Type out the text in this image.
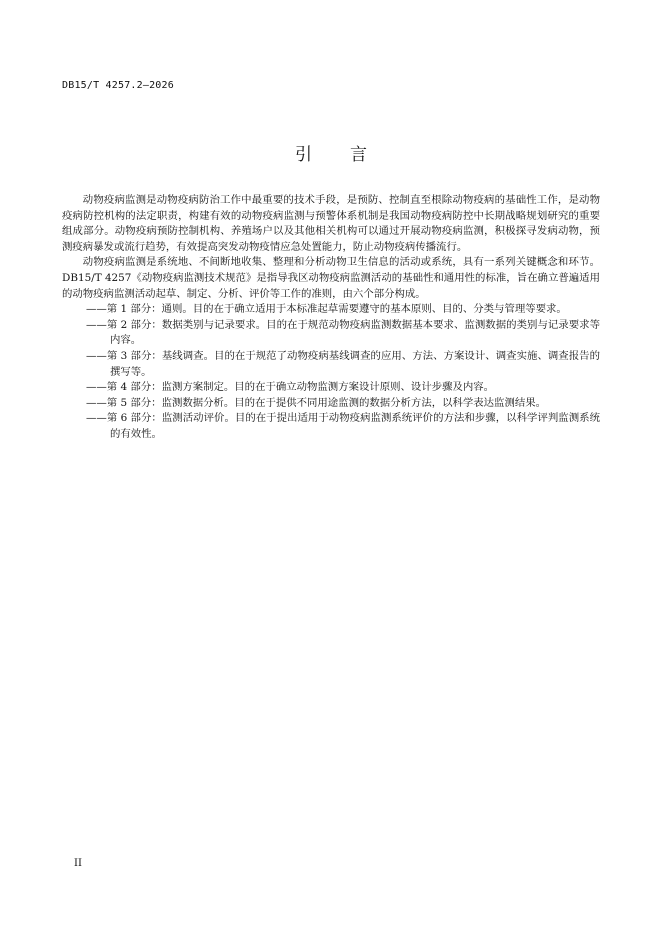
DB15/T 4257.2—2026
引 言

动物疫病监测是动物疫病防治工作中最重要的技术手段，是预防、控制直至根除动物疫病的基础性工作，是动物疫病防控机构的法定职责，构建有效的动物疫病监测与预警体系机制是我国动物疫病防控中长期战略规划研究的重要组成部分。动物疫病预防控制机构、养殖场户以及其他相关机构可以通过开展动物疫病监测，积极探寻发病动物，预测疫病暴发或流行趋势，有效提高突发动物疫情应急处置能力，防止动物疫病传播流行。

动物疫病监测是系统地、不间断地收集、整理和分析动物卫生信息的活动或系统，具有一系列关键概念和环节。DB15/T 4257《动物疫病监测技术规范》是指导我区动物疫病监测活动的基础性和通用性的标准，旨在确立普遍适用的动物疫病监测活动起草、制定、分析、评价等工作的准则，由六个部分构成。

——第 1 部分：通则。目的在于确立适用于本标准起草需要遵守的基本原则、目的、分类与管理等要求。
——第 2 部分：数据类别与记录要求。目的在于规范动物疫病监测数据基本要求、监测数据的类别与记录要求等内容。
——第 3 部分：基线调查。目的在于规范了动物疫病基线调查的应用、方法、方案设计、调查实施、调查报告的撰写等。
——第 4 部分：监测方案制定。目的在于确立动物监测方案设计原则、设计步骤及内容。
——第 5 部分：监测数据分析。目的在于提供不同用途监测的数据分析方法，以科学表达监测结果。
——第 6 部分：监测活动评价。目的在于提出适用于动物疫病监测系统评价的方法和步骤，以科学评判监测系统的有效性。
II
